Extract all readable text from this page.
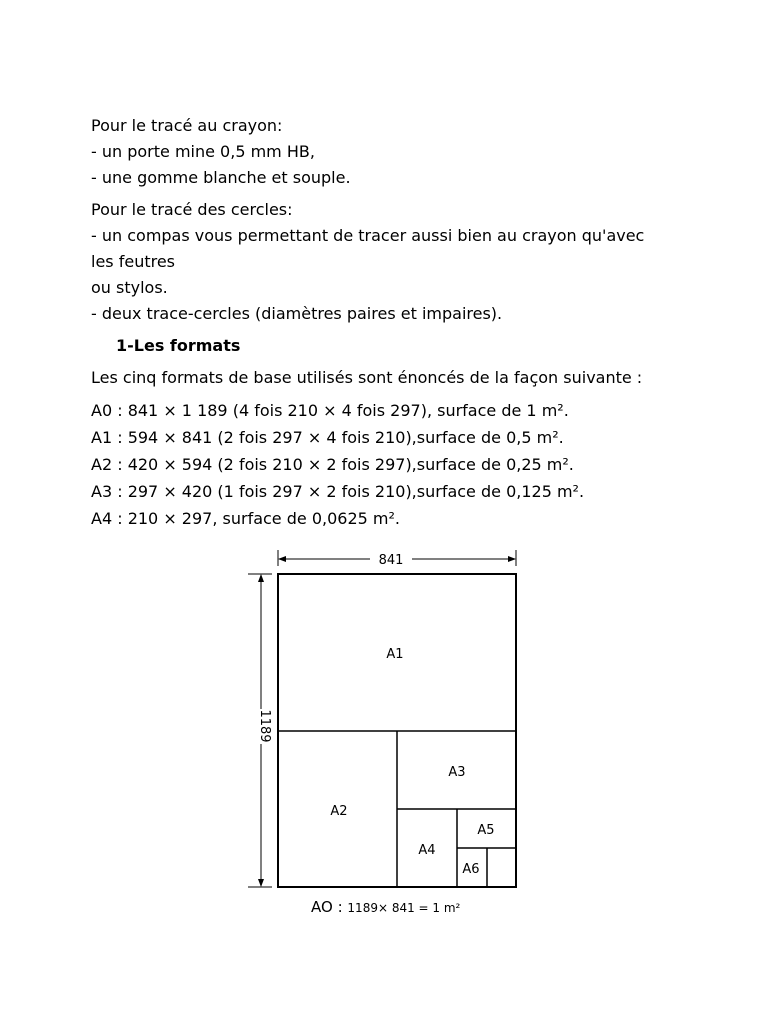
Pour le tracé au crayon:
- un porte mine 0,5 mm HB,
- une gomme blanche et souple.
Pour le tracé des cercles:
- un compas vous permettant de tracer aussi bien au crayon qu'avec
les feutres
ou stylos.
- deux trace-cercles (diamètres paires et impaires).
1-Les formats
Les cinq formats de base utilisés sont énoncés de la façon suivante :
A0 : 841 × 1 189 (4 fois 210 × 4 fois 297), surface de 1 m².
A1 : 594 × 841 (2 fois 297 × 4 fois 210),surface de 0,5 m².
A2 : 420 × 594 (2 fois 210 × 2 fois 297),surface de 0,25 m².
A3 : 297 × 420 (1 fois 297 × 2 fois 210),surface de 0,125 m².
A4 : 210 × 297, surface de 0,0625 m².
841
1189
A1
A2
A3
A4
A5
A6
AO : 1189× 841 = 1 m²
